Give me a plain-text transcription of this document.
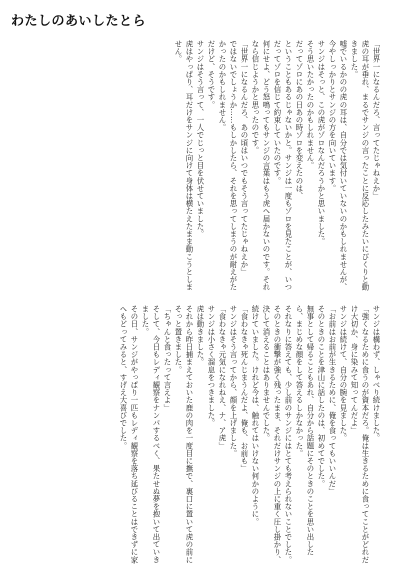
わたしのあいしたとら
「世界一になるんだろ、言ってたじゃねえか」
虎の耳が垂れ、まるでサンジの言ったことに反応したみたいにぴくりと動きました。
嘘でいるかのの虎の耳は、自分では気付いていないのかもしれませんが、今やしっかりとサンジの方を向いています。
サンジはそっと、この虎がゾロなんだろうかと思いました。
そう思いたかったのかもしれません。
だってゾロにあの日あの時ゾロを変えたのは、
ということもあるじゃないかと。サンジは一度もゾロを見たことが、いつだってゾロを信じて約束していたのです。
何にせよ、どう怒鳴ってもサンジの言葉はもう虎へ届かないのです。それなら信じようかと思ったのです。
「世界一になるんだろ、あの頃はいつでもそう言ってたじゃねえか」
ではないでしょうか……もしかしたら、それを思ってしまうのが耐えがたかったのかもしれません。
だけど、そうです。
サンジはそう言って、一人でじっと目を伏せていました。
虎はやっぱり、耳だけをサンジに向けて身体は横たえたまま動こうとしません。
サンジは構わず、しゃべり続けました。
「強くなるために食うのが資本だろ。俺は生きるために食ってことがどれだけ大切か、身に染みて知ってんだよ」
サンジは続けて、自分の腕を見ました。
「お前はお前が生きるために、俺を食ってもいいんだ」
そのときのことを津山に話したのは、初めてでした。
無事として帰ることもあれ、自分から話題にそのときのことを思い出したら、まじめな顔をして答えるしかなかった。
それなりに答えても、少し前のサンジにはとても考えられないことでした。
そのときの衝撃が強く残ったまま、それだけサンジの上に重く圧し掛かり、決して消えることはありませんでした。
続けていました。けれど今は、触れてはいけない何かのように。
「食わなきゃ死んじまうんだよ、俺も、お前も」
サンジはそう言ってから、顔を上げました。
「食わなきゃ元気になれねえ、ナ、ア虎」
サンジは小さく溜息をつきました。
虎は動きました。
それから昨日捕まえておいた鹿の肉を一度目に撫で、裏口に置いて虎の前にそっと置きました。
「ちゃんと食ったって言えよ」
そして、今日もレディ観察をナンパするべく、果たせぬ夢を抱いて出ていきました。
その日、サンジがやっぱり一匹もレディ観察を落ち延びることはできずに家へもどってみると、すげえ大喜びでした。
